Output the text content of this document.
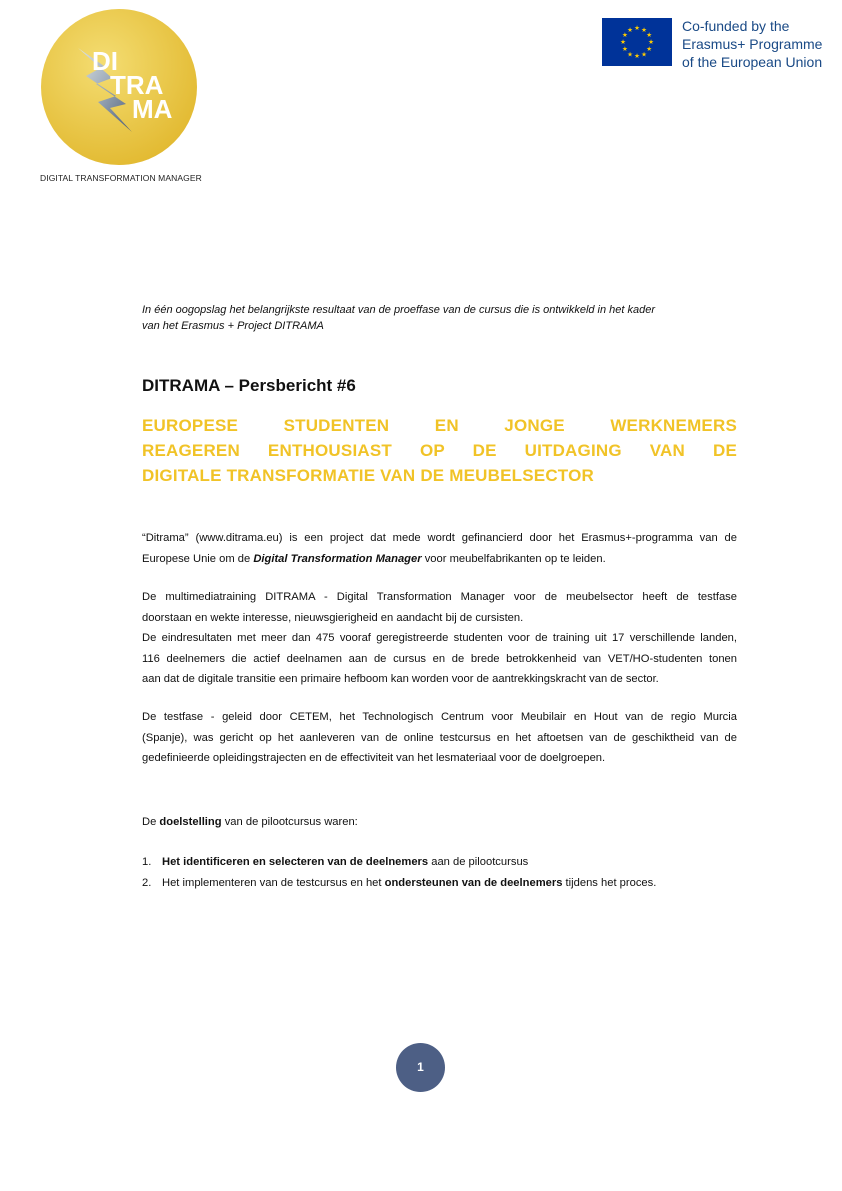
DI
TRA
MA
DIGITAL TRANSFORMATION MANAGER
★ ★
★
★
★
★
★
★
★
★
★
★	Co-funded by the
Erasmus+ Programme
of the European Union
In één oogopslag het belangrijkste resultaat van de proeffase van de cursus die is ontwikkeld in het kader
van het Erasmus + Project DITRAMA
DITRAMA – Persbericht #6
EUROPESE STUDENTEN EN JONGE WERKNEMERS
REAGEREN ENTHOUSIAST OP DE UITDAGING VAN DE
DIGITALE TRANSFORMATIE VAN DE MEUBELSECTOR
“Ditrama” (www.ditrama.eu) is een project dat mede wordt gefinancierd door het Erasmus+-programma van de
Europese Unie om de Digital Transformation Manager voor meubelfabrikanten op te leiden.
De multimediatraining DITRAMA - Digital Transformation Manager voor de meubelsector heeft de testfase
doorstaan en wekte interesse, nieuwsgierigheid en aandacht bij de cursisten.
De eindresultaten met meer dan 475 vooraf geregistreerde studenten voor de training uit 17 verschillende landen,
116 deelnemers die actief deelnamen aan de cursus en de brede betrokkenheid van VET/HO-studenten tonen
aan dat de digitale transitie een primaire hefboom kan worden voor de aantrekkingskracht van de sector.
De testfase - geleid door CETEM, het Technologisch Centrum voor Meubilair en Hout van de regio Murcia
(Spanje), was gericht op het aanleveren van de online testcursus en het aftoetsen van de geschiktheid van de
gedefinieerde opleidingstrajecten en de effectiviteit van het lesmateriaal voor de doelgroepen.
De doelstelling van de pilootcursus waren:
1. Het identificeren en selecteren van de deelnemers aan de pilootcursus
2. Het implementeren van de testcursus en het ondersteunen van de deelnemers tijdens het proces.
1
